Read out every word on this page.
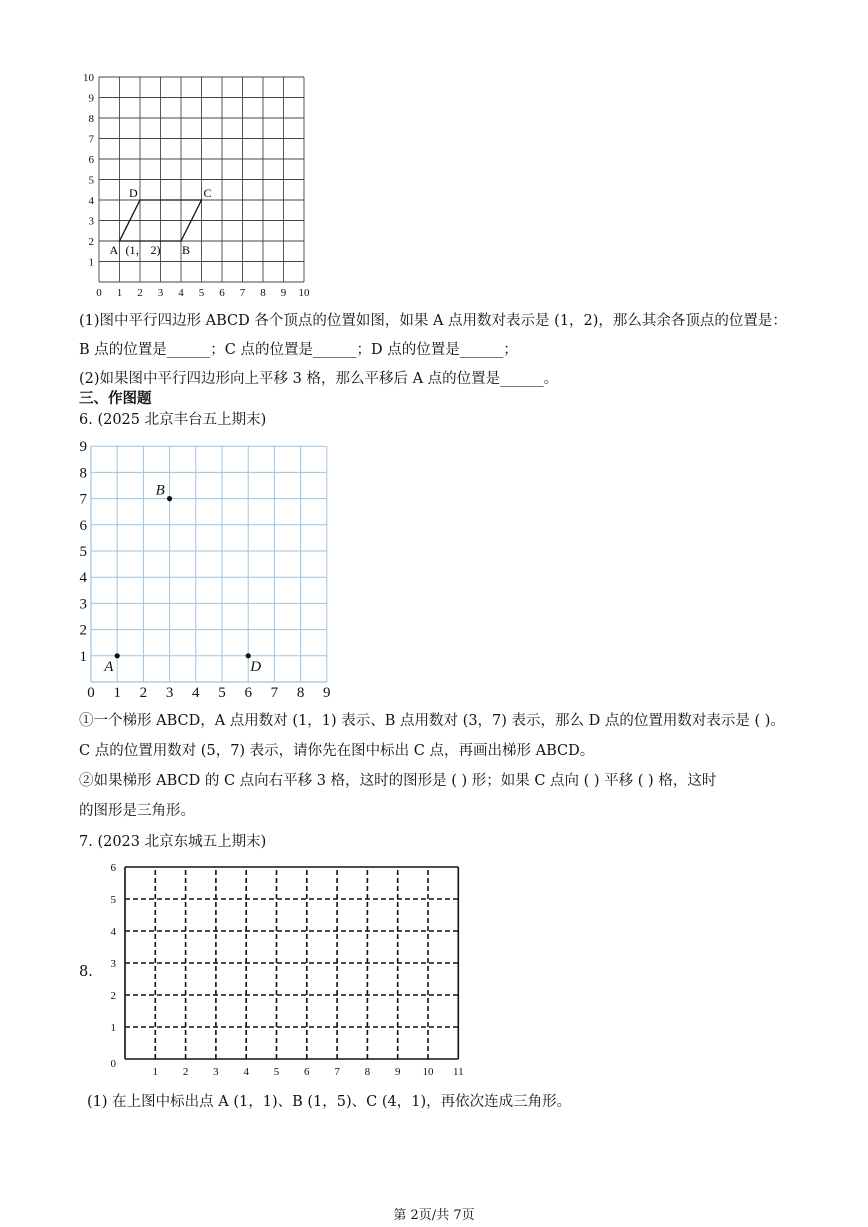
0 1 2 3 4 5 6 7 8 9 10
10
9
8
7
6
5
4
3
2
1
A (1， 2) B
C
D
(1)图中平行四边形 ABCD 各个顶点的位置如图，如果 A 点用数对表示是 (1，2)，那么其余各顶点的位置是：
B 点的位置是______；C 点的位置是______；D 点的位置是______；
(2)如果图中平行四边形向上平移 3 格，那么平移后 A 点的位置是______。
三、作图题
6. (2025 北京丰台五上期末)
0 1 2 3 4 5 6 7 8 9
1
2
3
4
5
6
7
8
9
A
B
D
①一个梯形 ABCD，A 点用数对 (1，1) 表示、B 点用数对 (3，7) 表示，那么 D 点的位置用数对表示是 ( )。
C 点的位置用数对 (5，7) 表示，请你先在图中标出 C 点，再画出梯形 ABCD。
②如果梯形 ABCD 的 C 点向右平移 3 格，这时的图形是 ( ) 形；如果 C 点向 ( ) 平移 ( ) 格，这时
的图形是三角形。
7. (2023 北京东城五上期末)
8.
1 2 3 4 5 6 7 8 9 10 11
0
1
2
3
4
5
6
(1) 在上图中标出点 A (1，1)、B (1，5)、C (4，1)，再依次连成三角形。
第 2页/共 7页
